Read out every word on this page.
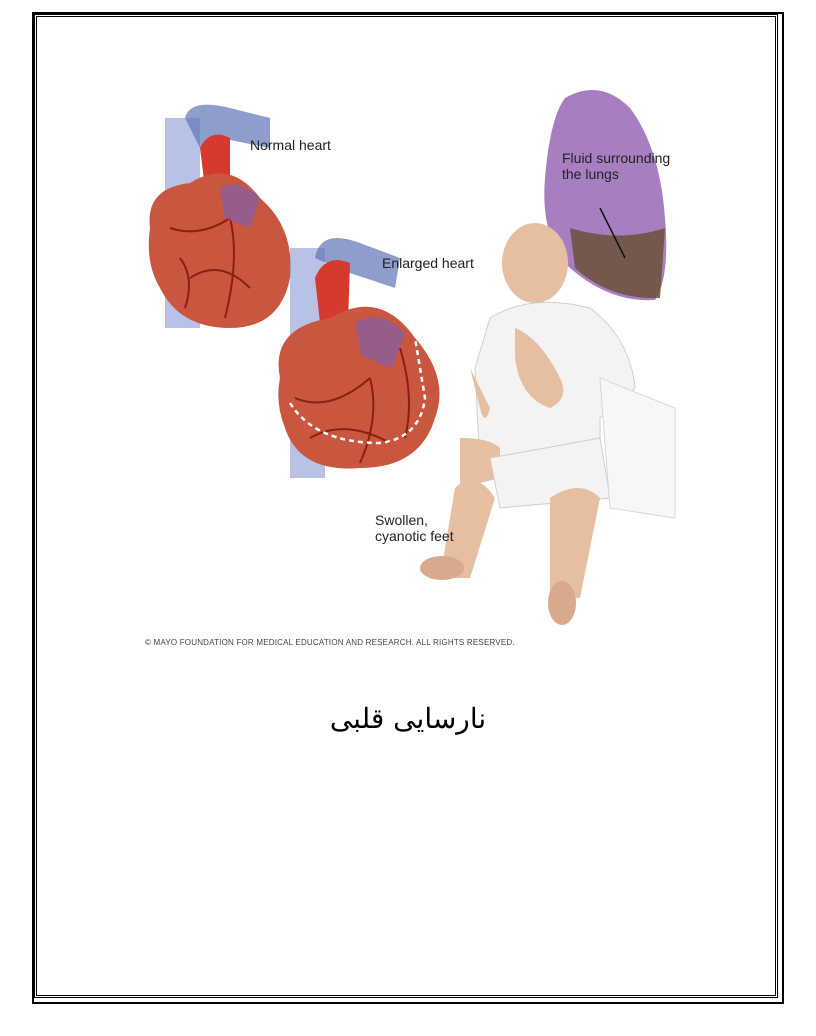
Normal heart
Enlarged heart
Fluid surrounding the lungs
Swollen, cyanotic feet
© MAYO FOUNDATION FOR MEDICAL EDUCATION AND RESEARCH. ALL RIGHTS RESERVED.
نارسایی قلبی
